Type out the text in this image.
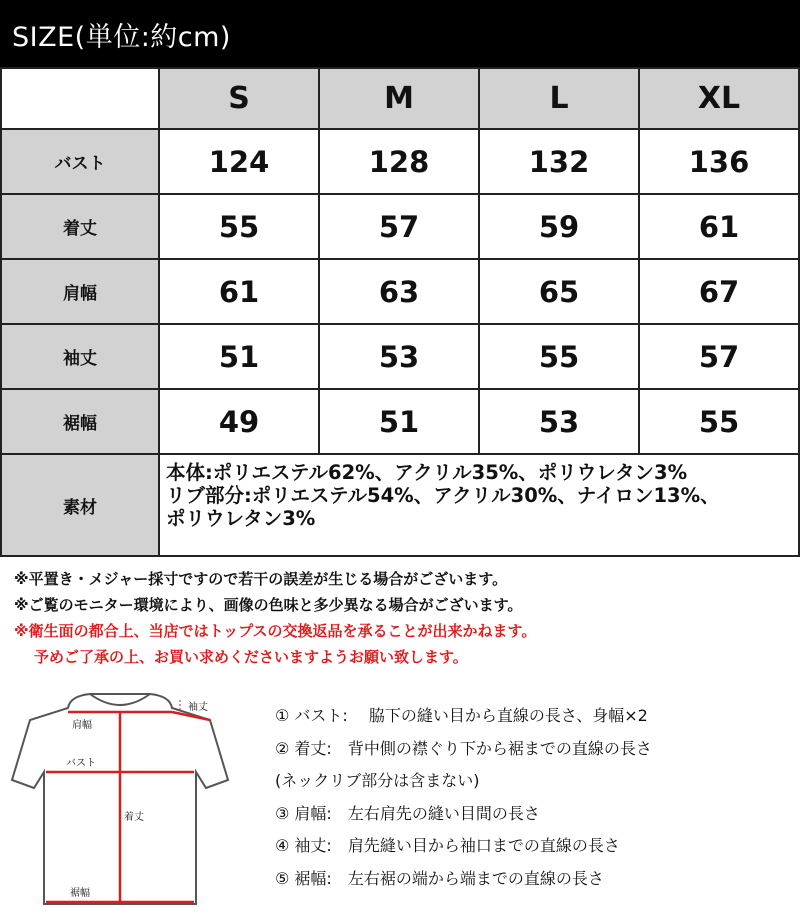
SIZE(単位:約cm)
	S	M	L	XL
バスト	124	128	132	136
着丈	55	57	59	61
肩幅	61	63	65	67
袖丈	51	53	55	57
裾幅	49	51	53	55
素材	本体:ポリエステル62%、アクリル35%、ポリウレタン3%
リブ部分:ポリエステル54%、アクリル30%、ナイロン13%、
ポリウレタン3%			
※平置き・メジャー採寸ですので若干の誤差が生じる場合がございます。
※ご覧のモニター環境により、画像の色味と多少異なる場合がございます。
※衛生面の都合上、当店ではトップスの交換返品を承ることが出来かねます。
予めご了承の上、お買い求めくださいますようお願い致します。
袖丈
肩幅
バスト
着丈
裾幅
① バスト:　 脇下の縫い目から直線の長さ、身幅×2
② 着丈:　背中側の襟ぐり下から裾までの直線の長さ
(ネックリブ部分は含まない)
③ 肩幅:　左右肩先の縫い目間の長さ
④ 袖丈:　肩先縫い目から袖口までの直線の長さ
⑤ 裾幅:　左右裾の端から端までの直線の長さ
